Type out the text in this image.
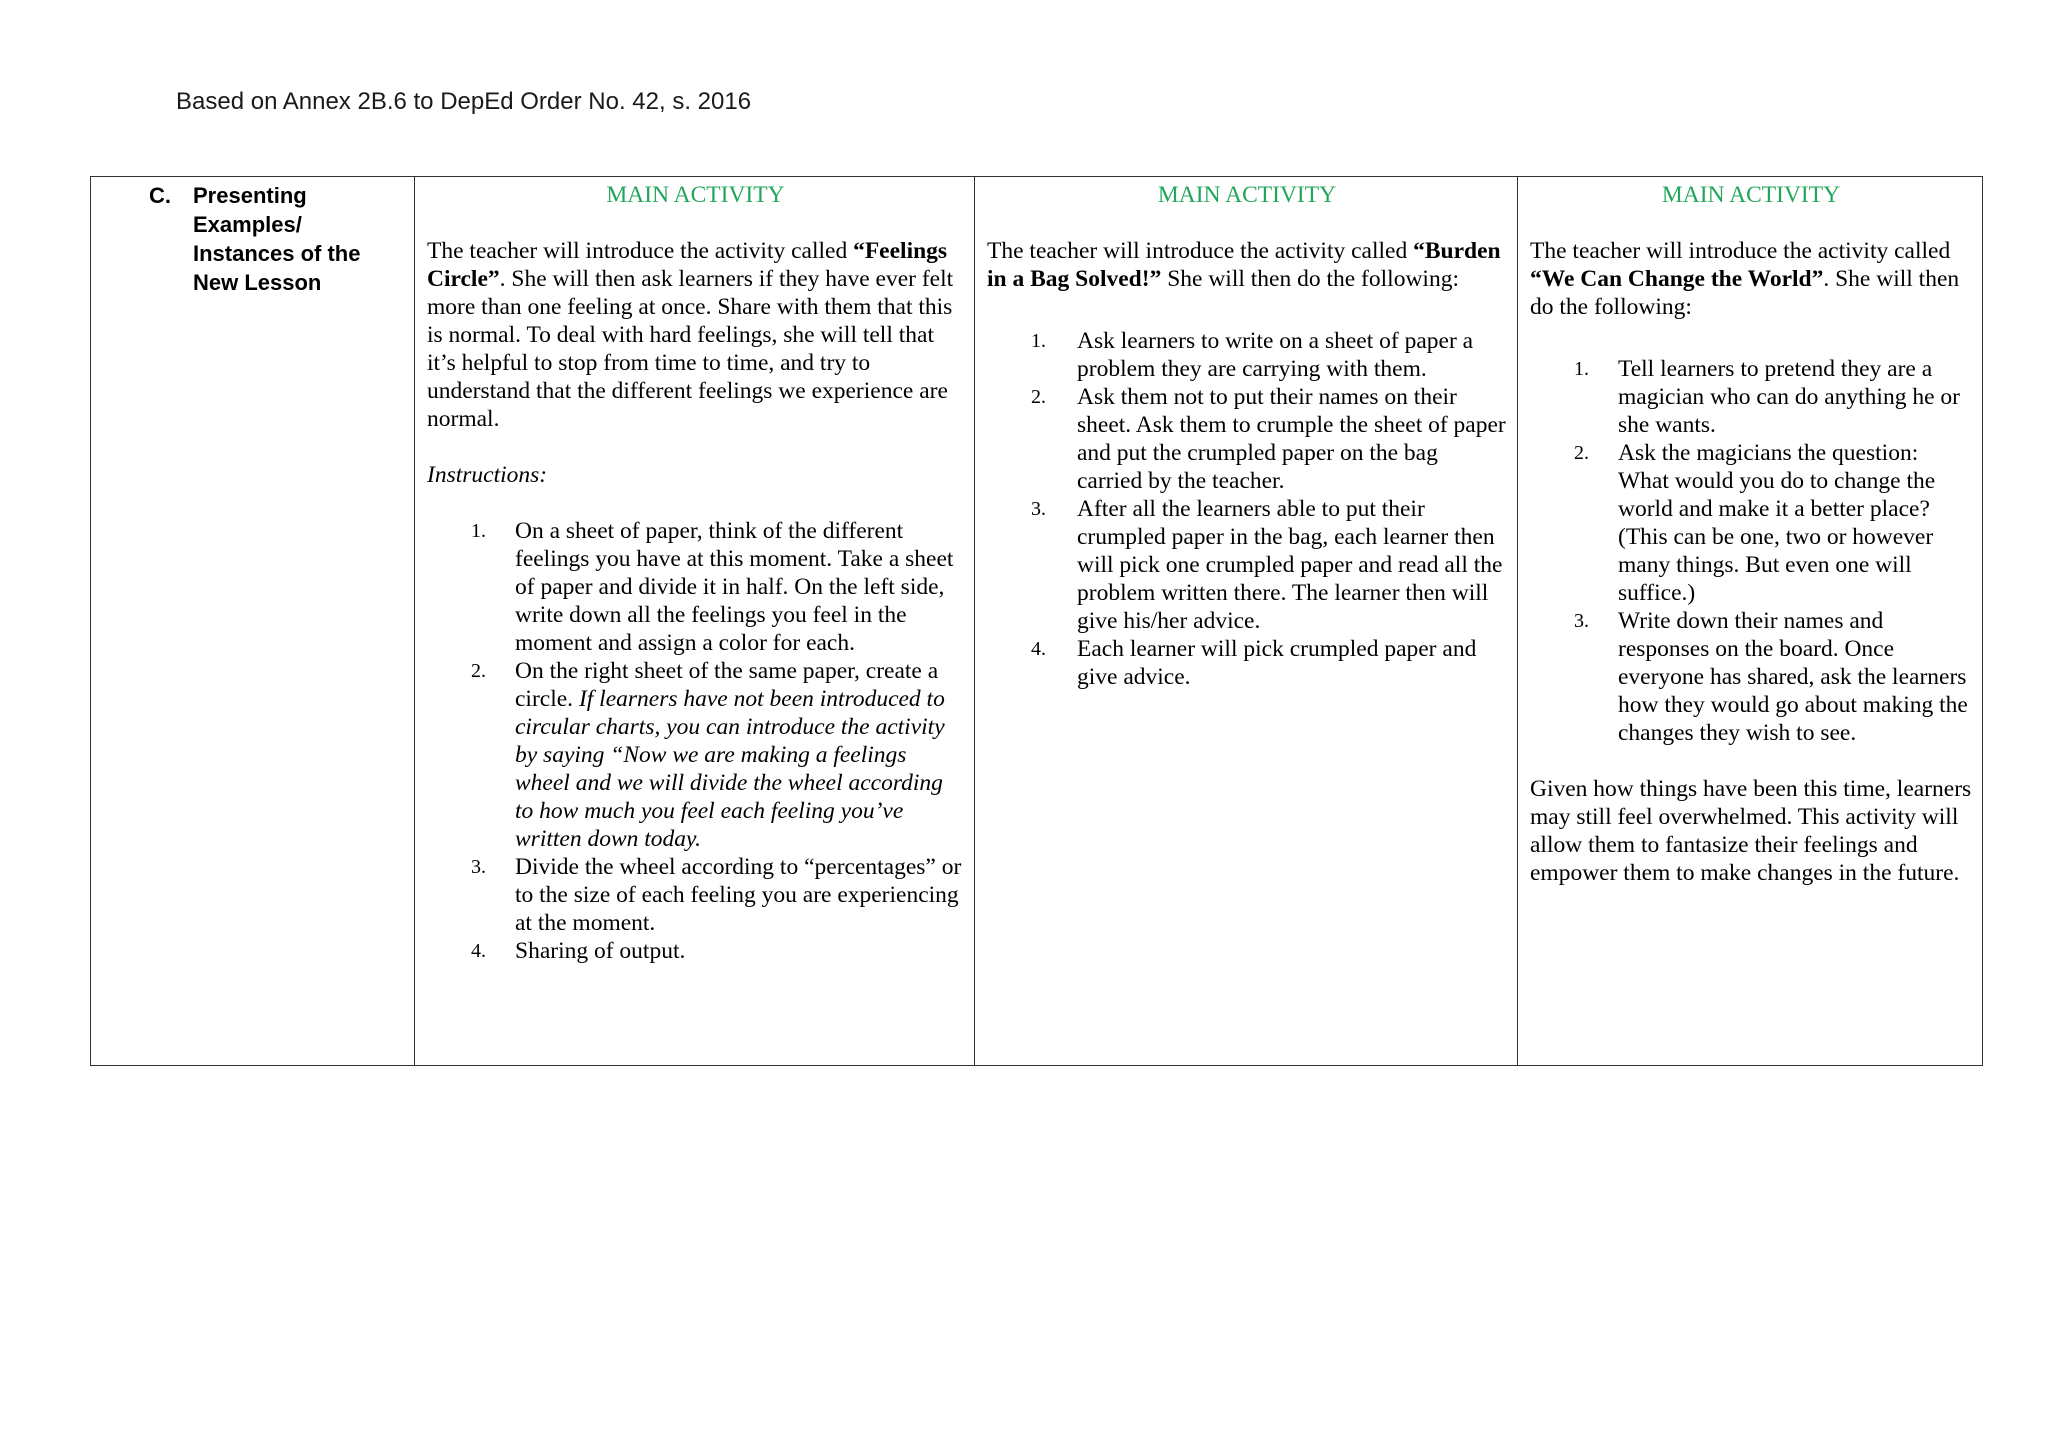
Based on Annex 2B.6 to DepEd Order No. 42, s. 2016
C. Presenting Examples/ Instances of the New Lesson

MAIN ACTIVITY

The teacher will introduce the activity called “Feelings Circle”. She will then ask learners if they have ever felt more than one feeling at once. Share with them that this is normal. To deal with hard feelings, she will tell that it’s helpful to stop from time to time, and try to understand that the different feelings we experience are normal.

Instructions:

1.	On a sheet of paper, think of the different feelings you have at this moment. Take a sheet of paper and divide it in half. On the left side, write down all the feelings you feel in the moment and assign a color for each.
2.	On the right sheet of the same paper, create a circle. If learners have not been introduced to circular charts, you can introduce the activity by saying “Now we are making a feelings wheel and we will divide the wheel according to how much you feel each feeling you’ve written down today.
3.	Divide the wheel according to “percentages” or to the size of each feeling you are experiencing at the moment.
4.	Sharing of output.

MAIN ACTIVITY

The teacher will introduce the activity called “Burden in a Bag Solved!” She will then do the following:

1.	Ask learners to write on a sheet of paper a problem they are carrying with them.
2.	Ask them not to put their names on their sheet. Ask them to crumple the sheet of paper and put the crumpled paper on the bag carried by the teacher.
3.	After all the learners able to put their crumpled paper in the bag, each learner then will pick one crumpled paper and read all the problem written there. The learner then will give his/her advice.
4.	Each learner will pick crumpled paper and give advice.

MAIN ACTIVITY

The teacher will introduce the activity called “We Can Change the World”. She will then do the following:

1.	Tell learners to pretend they are a magician who can do anything he or she wants.
2.	Ask the magicians the question: What would you do to change the world and make it a better place? (This can be one, two or however many things. But even one will suffice.)
3.	Write down their names and responses on the board. Once everyone has shared, ask the learners how they would go about making the changes they wish to see.

Given how things have been this time, learners may still feel overwhelmed. This activity will allow them to fantasize their feelings and empower them to make changes in the future.
